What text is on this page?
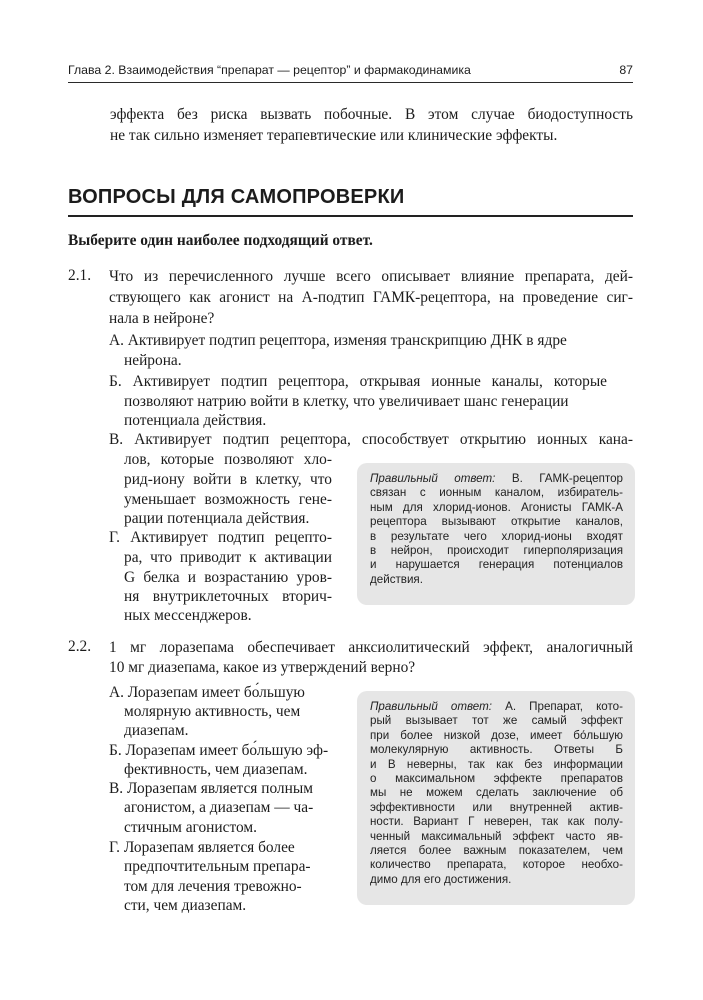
Глава 2. Взаимодействия “препарат — рецептор” и фармакодинамика	87
эффекта без риска вызвать побочные. В этом случае биодоступность
не так сильно изменяет терапевтические или клинические эффекты.
ВОПРОСЫ ДЛЯ САМОПРОВЕРКИ
Выберите один наиболее подходящий ответ.
2.1. Что из перечисленного лучше всего описывает влияние препарата, дей-
ствующего как агонист на А-подтип ГАМК-рецептора, на проведение сиг-
нала в нейроне?
А. Активирует подтип рецептора, изменяя транскрипцию ДНК в ядре
нейрона.
Б. Активирует подтип рецептора, открывая ионные каналы, которые
позволяют натрию войти в клетку, что увеличивает шанс генерации
потенциала действия.
В. Активирует подтип рецептора, способствует открытию ионных кана-
лов, которые позволяют хло-
рид-иону войти в клетку, что
уменьшает возможность гене-
рации потенциала действия.
Г. Активирует подтип рецепто-
ра, что приводит к активации
G белка и возрастанию уров-
ня внутриклеточных вторич-
ных мессенджеров.
Правильный ответ: В. ГАМК-рецептор
связан с ионным каналом, избиратель-
ным для хлорид-ионов. Агонисты ГАМК-А
рецептора вызывают открытие каналов,
в результате чего хлорид-ионы входят
в нейрон, происходит гиперполяризация
и нарушается генерация потенциалов
действия.
2.2. 1 мг лоразепама обеспечивает анксиолитический эффект, аналогичный
10 мг диазепама, какое из утверждений верно?
А. Лоразепам имеет бо́льшую
молярную активность, чем
диазепам.
Б. Лоразепам имеет бо́льшую эф-
фективность, чем диазепам.
В. Лоразепам является полным
агонистом, а диазепам — ча-
стичным агонистом.
Г. Лоразепам является более
предпочтительным препара-
том для лечения тревожно-
сти, чем диазепам.
Правильный ответ: А. Препарат, кото-
рый вызывает тот же самый эффект
при более низкой дозе, имеет бо́льшую
молекулярную активность. Ответы Б
и В неверны, так как без информации
о максимальном эффекте препаратов
мы не можем сделать заключение об
эффективности или внутренней актив-
ности. Вариант Г неверен, так как полу-
ченный максимальный эффект часто яв-
ляется более важным показателем, чем
количество препарата, которое необхо-
димо для его достижения.
